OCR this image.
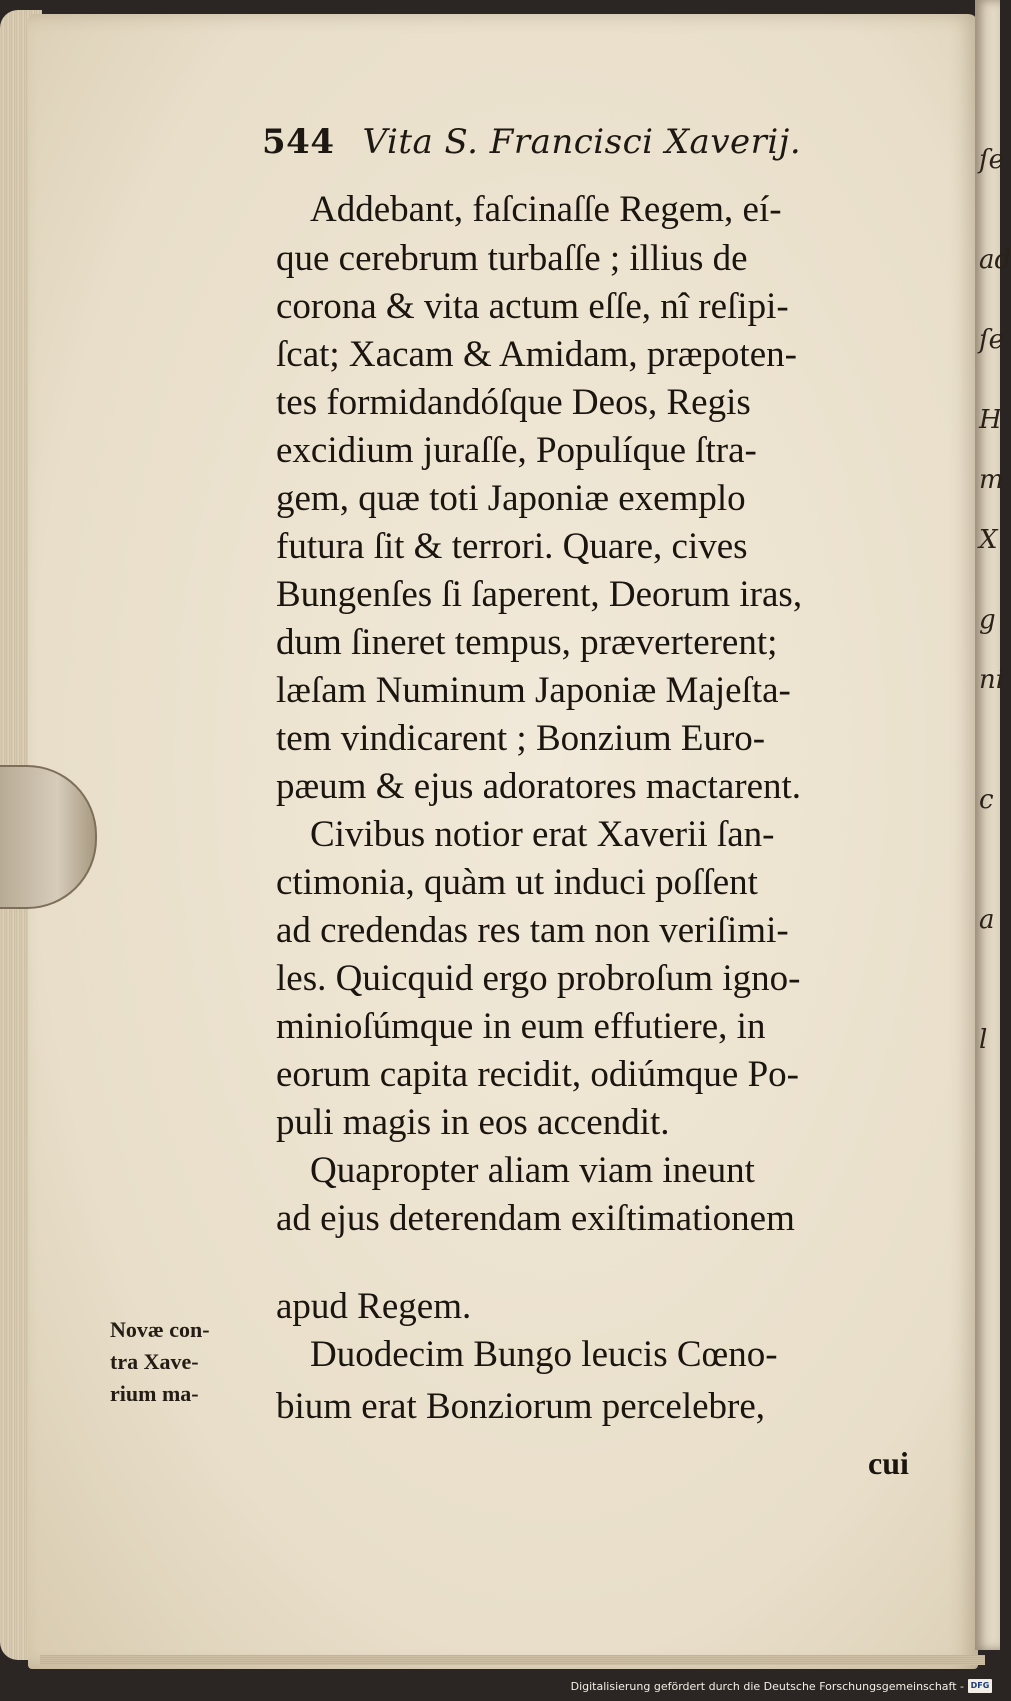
ſe
ad
ſe
H
m
X
g
ni
c
a
l
544 Vita S. Francisci Xaverij.
Addebant, faſcinaſſe Regem, eí-
que cerebrum turbaſſe ; illius de
corona & vita actum eſſe, nî reſipi-
ſcat; Xacam & Amidam, præpoten-
tes formidandóſque Deos, Regis
excidium juraſſe, Populíque ſtra-
gem, quæ toti Japoniæ exemplo
futura ſit & terrori. Quare, cives
Bungenſes ſi ſaperent, Deorum iras,
dum ſineret tempus, præverterent;
læſam Numinum Japoniæ Majeſta-
tem vindicarent ; Bonzium Euro-
pæum & ejus adoratores mactarent.
Civibus notior erat Xaverii ſan-
ctimonia, quàm ut induci poſſent
ad credendas res tam non veriſimi-
les. Quicquid ergo probroſum igno-
minioſúmque in eum effutiere, in
eorum capita recidit, odiúmque Po-
puli magis in eos accendit.
Quapropter aliam viam ineunt
ad ejus deterendam exiſtimationem
apud Regem.
Duodecim Bungo leucis Cœno-
bium erat Bonziorum percelebre,
Novæ con-
tra Xave-
rium ma-
cui
Digitalisierung gefördert durch die Deutsche Forschungsgemeinschaft - DFG
